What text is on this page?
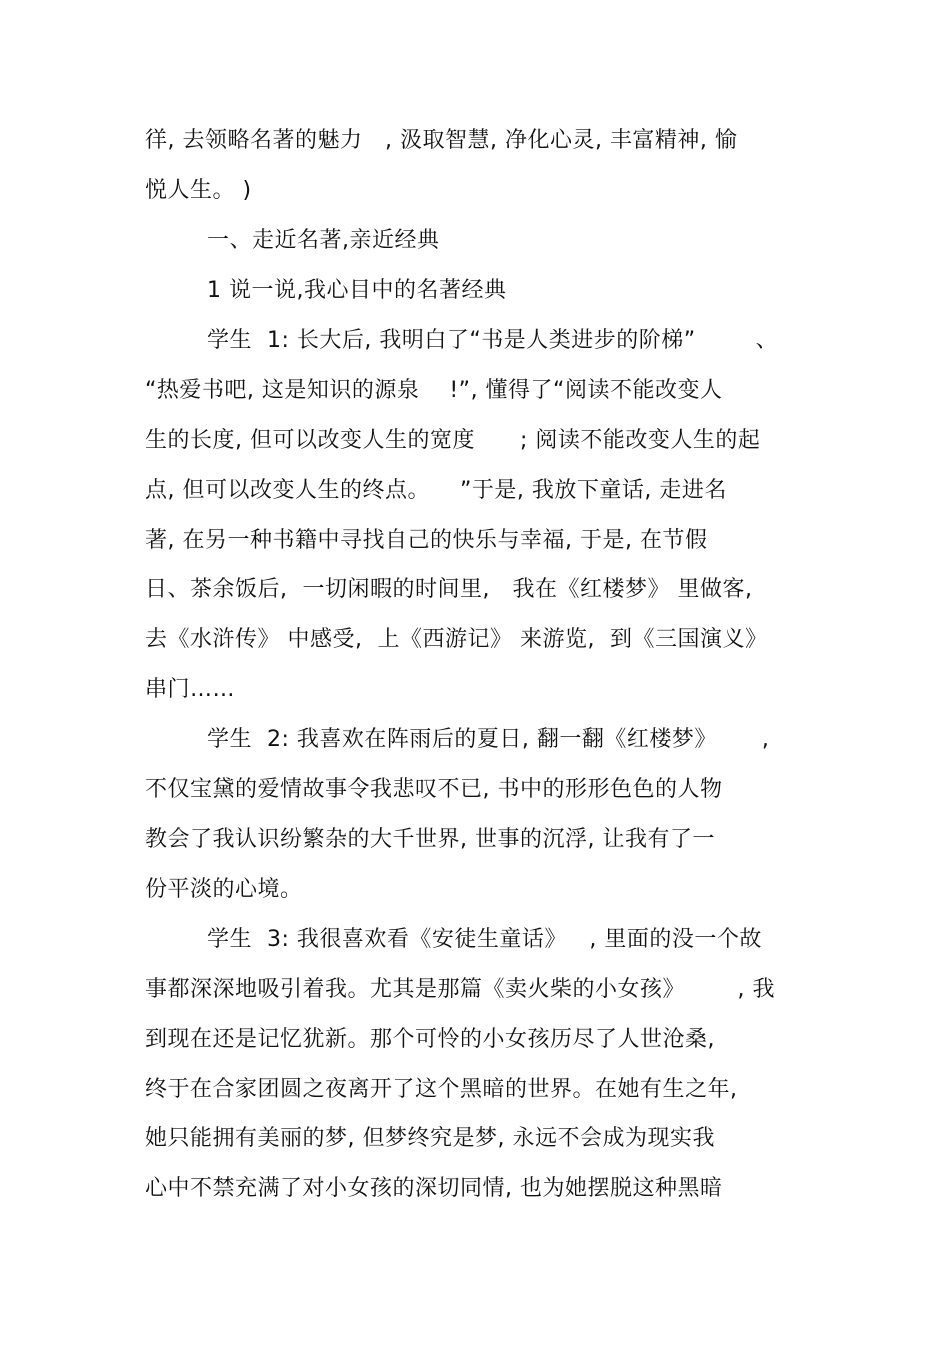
徉, 去领略名著的魅力   , 汲取智慧, 净化心灵, 丰富精神, 愉
悦人生。 )
一、走近名著,亲近经典
1 说一说,我心目中的名著经典
学生  1: 长大后, 我明白了“书是人类进步的阶梯”        、
“热爱书吧, 这是知识的源泉    !”, 懂得了“阅读不能改变人
生的长度, 但可以改变人生的宽度      ; 阅读不能改变人生的起
点, 但可以改变人生的终点。    ”于是, 我放下童话, 走进名
著, 在另一种书籍中寻找自己的快乐与幸福, 于是, 在节假
日、茶余饭后,  一切闲暇的时间里,   我在《红楼梦》 里做客,
去《水浒传》 中感受,  上《西游记》 来游览,  到《三国演义》
串门……
学生  2: 我喜欢在阵雨后的夏日, 翻一翻《红楼梦》      ,
不仅宝黛的爱情故事令我悲叹不已, 书中的形形色色的人物
教会了我认识纷繁杂的大千世界, 世事的沉浮, 让我有了一
份平淡的心境。
学生  3: 我很喜欢看《安徒生童话》   , 里面的没一个故
事都深深地吸引着我。尤其是那篇《卖火柴的小女孩》       , 我
到现在还是记忆犹新。那个可怜的小女孩历尽了人世沧桑,
终于在合家团圆之夜离开了这个黑暗的世界。在她有生之年,
她只能拥有美丽的梦, 但梦终究是梦, 永远不会成为现实我
心中不禁充满了对小女孩的深切同情, 也为她摆脱这种黑暗
